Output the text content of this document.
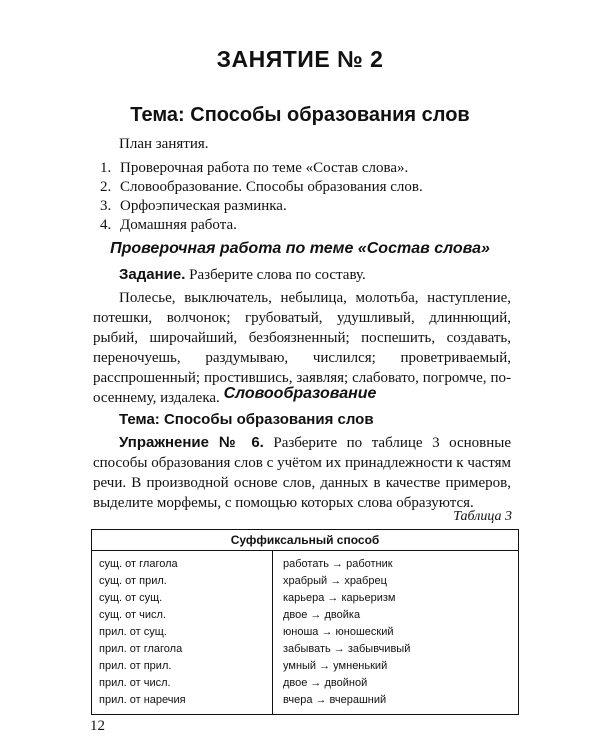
ЗАНЯТИЕ № 2
Тема: Способы образования слов
План занятия.
1. Проверочная работа по теме «Состав слова».
2. Словообразование. Способы образования слов.
3. Орфоэпическая разминка.
4. Домашняя работа.
Проверочная работа по теме «Состав слова»
Задание. Разберите слова по составу.
Полесье, выключатель, небылица, молотьба, наступление, потешки, волчонок; грубоватый, удушливый, длиннющий, рыбий, широчайший, безбоязненный; поспешить, создавать, переночуешь, раздумываю, числился; проветриваемый, расспрошенный; простившись, заявляя; слабовато, погромче, по-осеннему, издалека. Словообразование
Тема: Способы образования слов
Упражнение № 6. Разберите по таблице 3 основные способы образования слов с учётом их принадлежности к частям речи. В производной основе слов, данных в качестве примеров, выделите морфемы, с помощью которых слова образуются.
Таблица 3
Суффиксальный способ
сущ. от глагола
сущ. от прил.
сущ. от сущ.
сущ. от числ.
прил. от сущ.
прил. от глагола
прил. от прил.
прил. от числ.
прил. от наречия
работать → работник
храбрый → храбрец
карьера → карьеризм
двое → двойка
юноша → юношеский
забывать → забывчивый
умный → умненький
двое → двойной
вчера → вчерашний
12
